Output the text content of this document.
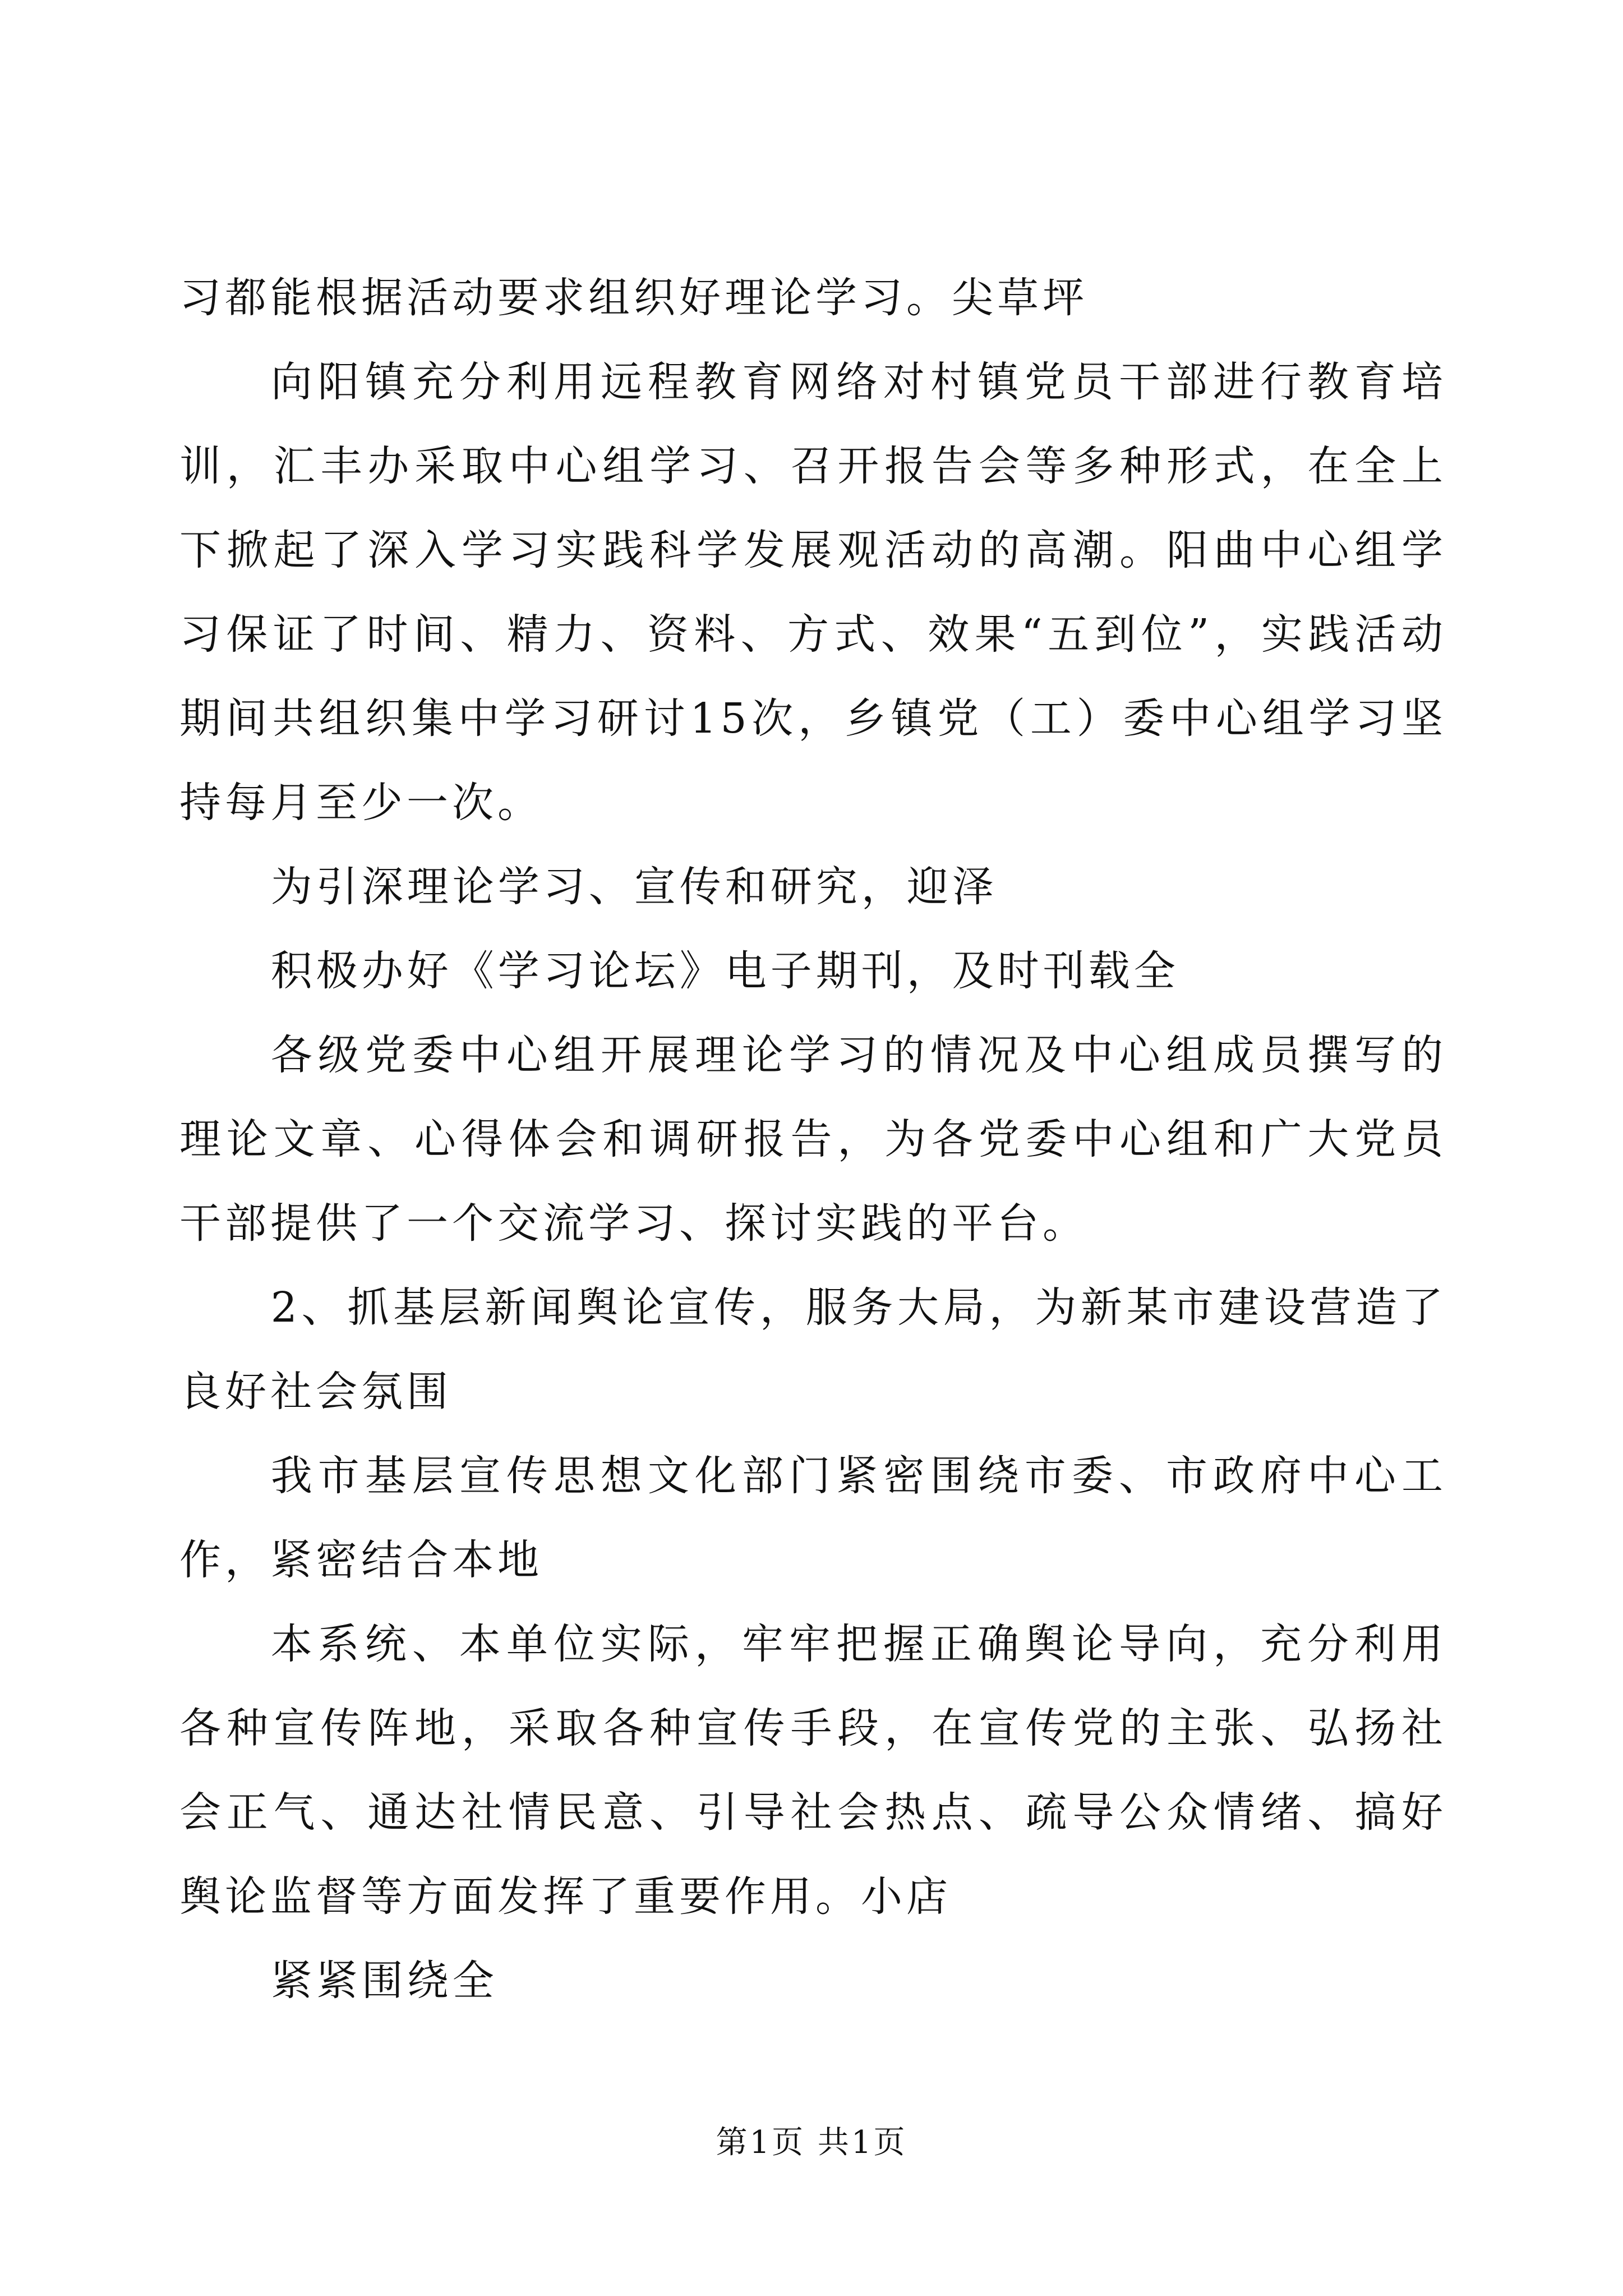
习都能根据活动要求组织好理论学习。尖草坪

向阳镇充分利用远程教育网络对村镇党员干部进行教育培训，汇丰办采取中心组学习、召开报告会等多种形式，在全上下掀起了深入学习实践科学发展观活动的高潮。阳曲中心组学习保证了时间、精力、资料、方式、效果“五到位”，实践活动期间共组织集中学习研讨15次，乡镇党（工）委中心组学习坚持每月至少一次。

为引深理论学习、宣传和研究，迎泽

积极办好《学习论坛》电子期刊，及时刊载全

各级党委中心组开展理论学习的情况及中心组成员撰写的理论文章、心得体会和调研报告，为各党委中心组和广大党员干部提供了一个交流学习、探讨实践的平台。

2、抓基层新闻舆论宣传，服务大局，为新某市建设营造了良好社会氛围

我市基层宣传思想文化部门紧密围绕市委、市政府中心工作，紧密结合本地

本系统、本单位实际，牢牢把握正确舆论导向，充分利用各种宣传阵地，采取各种宣传手段，在宣传党的主张、弘扬社会正气、通达社情民意、引导社会热点、疏导公众情绪、搞好舆论监督等方面发挥了重要作用。小店

紧紧围绕全

第1页 共1页
